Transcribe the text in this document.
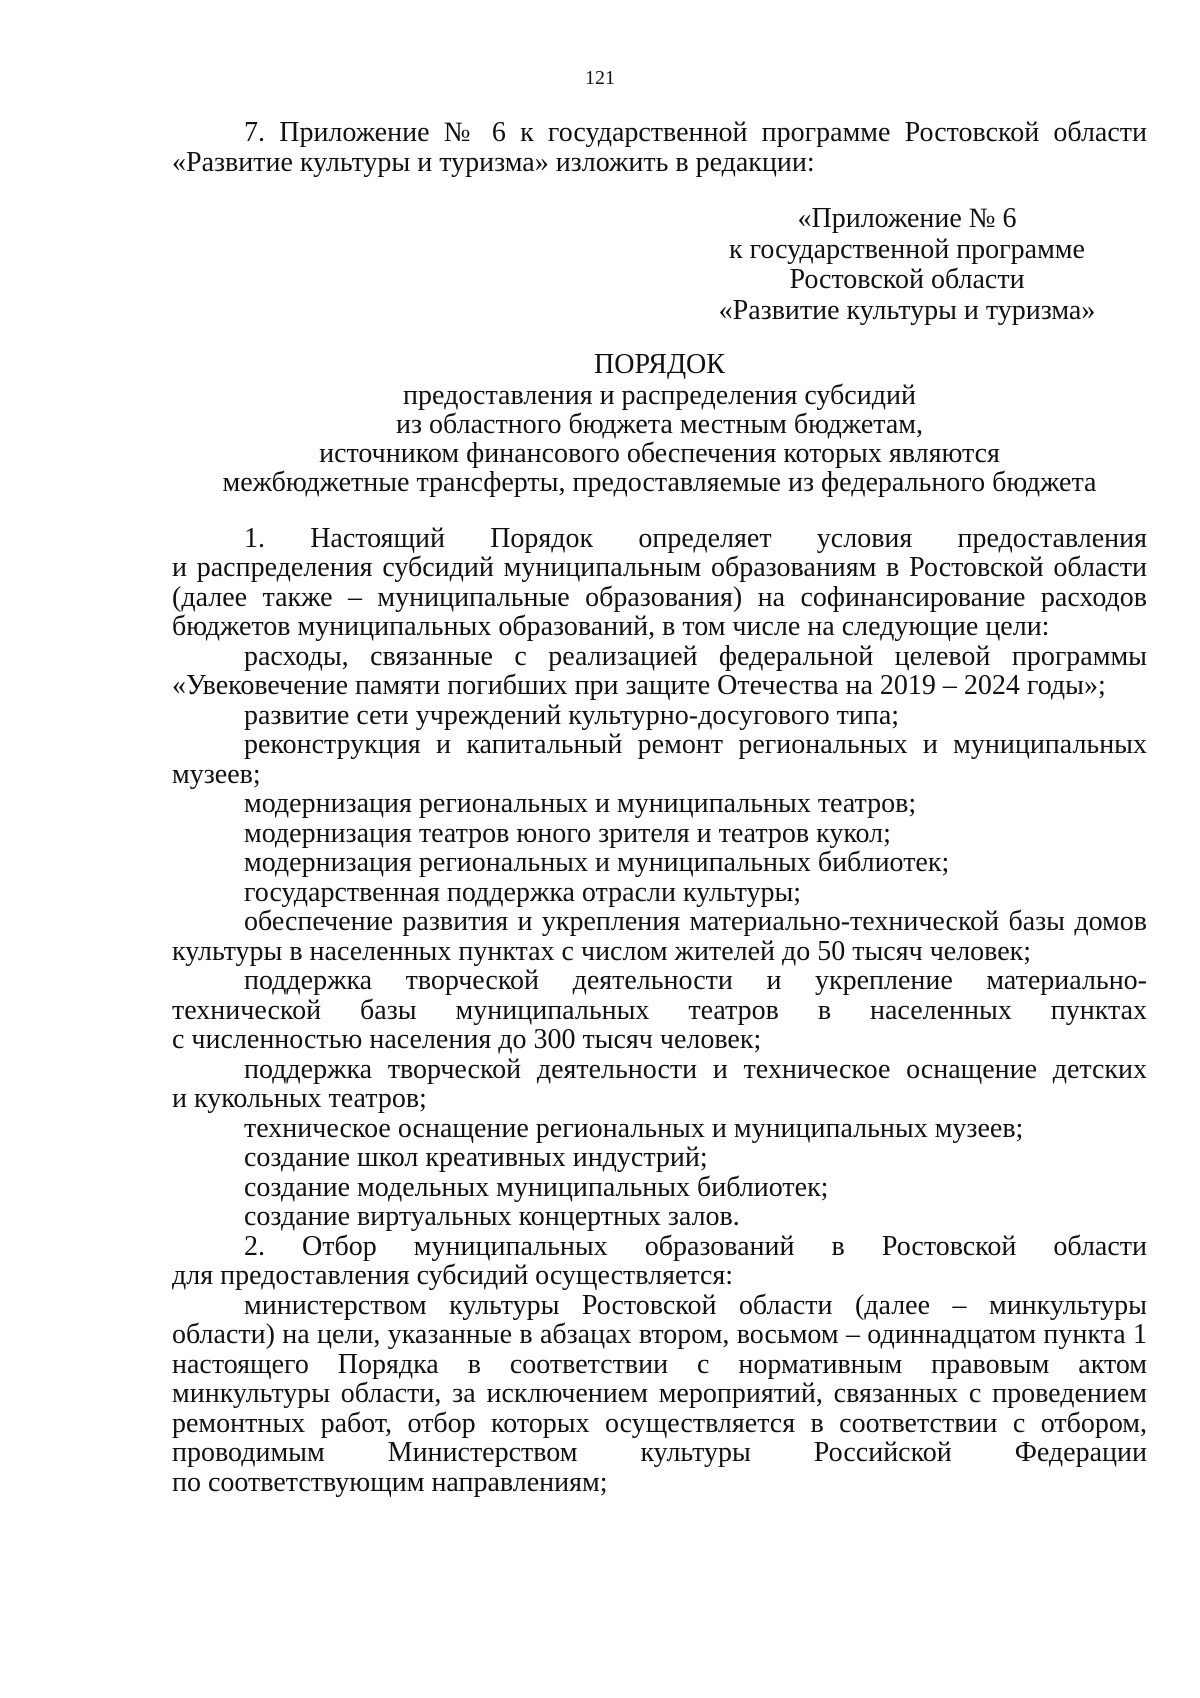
121
7. Приложение № 6 к государственной программе Ростовской области
«Развитие культуры и туризма» изложить в редакции:
«Приложение № 6
к государственной программе
Ростовской области
«Развитие культуры и туризма»
ПОРЯДОК
предоставления и распределения субсидий
из областного бюджета местным бюджетам,
источником финансового обеспечения которых являются
межбюджетные трансферты, предоставляемые из федерального бюджета
1. Настоящий Порядок определяет условия предоставления
и распределения субсидий муниципальным образованиям в Ростовской области
(далее также – муниципальные образования) на софинансирование расходов
бюджетов муниципальных образований, в том числе на следующие цели:
расходы, связанные с реализацией федеральной целевой программы
«Увековечение памяти погибших при защите Отечества на 2019 – 2024 годы»;
развитие сети учреждений культурно-досугового типа;
реконструкция и капитальный ремонт региональных и муниципальных
музеев;
модернизация региональных и муниципальных театров;
модернизация театров юного зрителя и театров кукол;
модернизация региональных и муниципальных библиотек;
государственная поддержка отрасли культуры;
обеспечение развития и укрепления материально-технической базы домов
культуры в населенных пунктах с числом жителей до 50 тысяч человек;
поддержка творческой деятельности и укрепление материально-
технической базы муниципальных театров в населенных пунктах
с численностью населения до 300 тысяч человек;
поддержка творческой деятельности и техническое оснащение детских
и кукольных театров;
техническое оснащение региональных и муниципальных музеев;
создание школ креативных индустрий;
создание модельных муниципальных библиотек;
создание виртуальных концертных залов.
2. Отбор муниципальных образований в Ростовской области
для предоставления субсидий осуществляется:
министерством культуры Ростовской области (далее – минкультуры
области) на цели, указанные в абзацах втором, восьмом – одиннадцатом пункта 1
настоящего Порядка в соответствии с нормативным правовым актом
минкультуры области, за исключением мероприятий, связанных с проведением
ремонтных работ, отбор которых осуществляется в соответствии с отбором,
проводимым Министерством культуры Российской Федерации
по соответствующим направлениям;
